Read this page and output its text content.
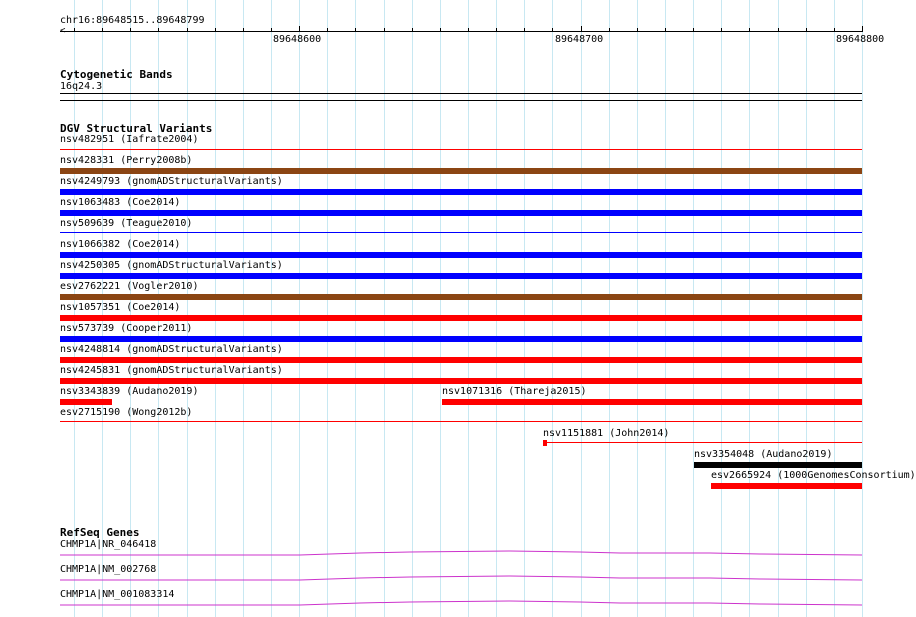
chr16:89648515..89648799
89648600	89648700	89648800
Cytogenetic Bands
16q24.3
DGV Structural Variants
nsv482951 (Iafrate2004)
nsv428331 (Perry2008b)
nsv4249793 (gnomADStructuralVariants)
nsv1063483 (Coe2014)
nsv509639 (Teague2010)
nsv1066382 (Coe2014)
nsv4250305 (gnomADStructuralVariants)
esv2762221 (Vogler2010)
nsv1057351 (Coe2014)
nsv573739 (Cooper2011)
nsv4248814 (gnomADStructuralVariants)
nsv4245831 (gnomADStructuralVariants)
nsv3343839 (Audano2019)	nsv1071316 (Thareja2015)
esv2715190 (Wong2012b)
nsv1151881 (John2014)
nsv3354048 (Audano2019)
esv2665924 (1000GenomesConsortium)
RefSeq Genes
CHMP1A|NR_046418
CHMP1A|NM_002768
CHMP1A|NM_001083314
